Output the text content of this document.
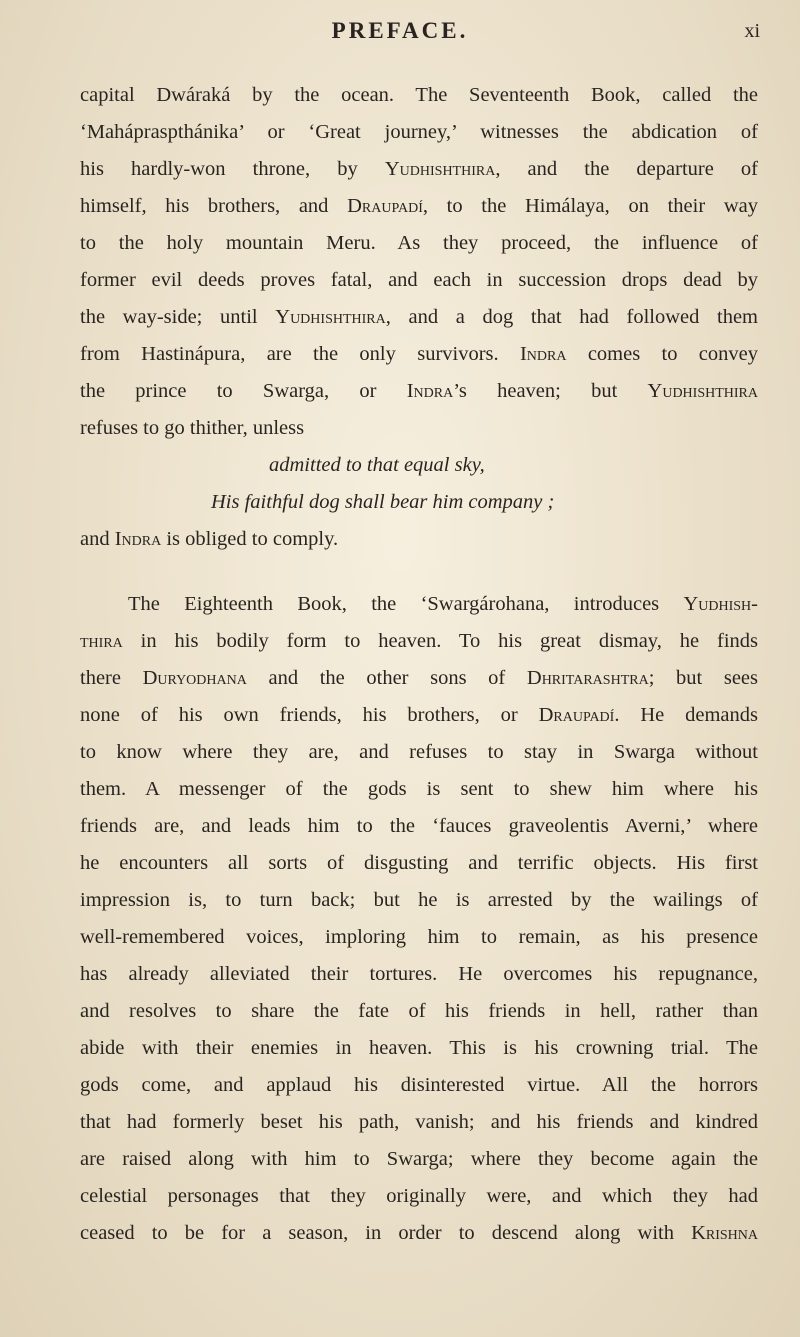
PREFACE.	xi

capital Dwáraká by the ocean. The Seventeenth Book, called the

‘Mahápraspthánika’ or ‘Great journey,’ witnesses the abdication of

his hardly-won throne, by Yudhishthira, and the departure of

himself, his brothers, and Draupadí, to the Himálaya, on their way

to the holy mountain Meru. As they proceed, the influence of

former evil deeds proves fatal, and each in succession drops dead by

the way-side; until Yudhishthira, and a dog that had followed them

from Hastinápura, are the only survivors. Indra comes to convey

the prince to Swarga, or Indra’s heaven; but Yudhishthira

refuses to go thither, unless

admitted to that equal sky,
His faithful dog shall bear him company ;

and Indra is obliged to comply.

The Eighteenth Book, the ‘Swargárohana, introduces Yudhish-

thira in his bodily form to heaven. To his great dismay, he finds

there Duryodhana and the other sons of Dhritarashtra; but sees

none of his own friends, his brothers, or Draupadí. He demands

to know where they are, and refuses to stay in Swarga without

them. A messenger of the gods is sent to shew him where his

friends are, and leads him to the ‘fauces graveolentis Averni,’ where

he encounters all sorts of disgusting and terrific objects. His first

impression is, to turn back; but he is arrested by the wailings of

well-remembered voices, imploring him to remain, as his presence

has already alleviated their tortures. He overcomes his repugnance,

and resolves to share the fate of his friends in hell, rather than

abide with their enemies in heaven. This is his crowning trial. The

gods come, and applaud his disinterested virtue. All the horrors

that had formerly beset his path, vanish; and his friends and kindred

are raised along with him to Swarga; where they become again the

celestial personages that they originally were, and which they had

ceased to be for a season, in order to descend along with Krishna
